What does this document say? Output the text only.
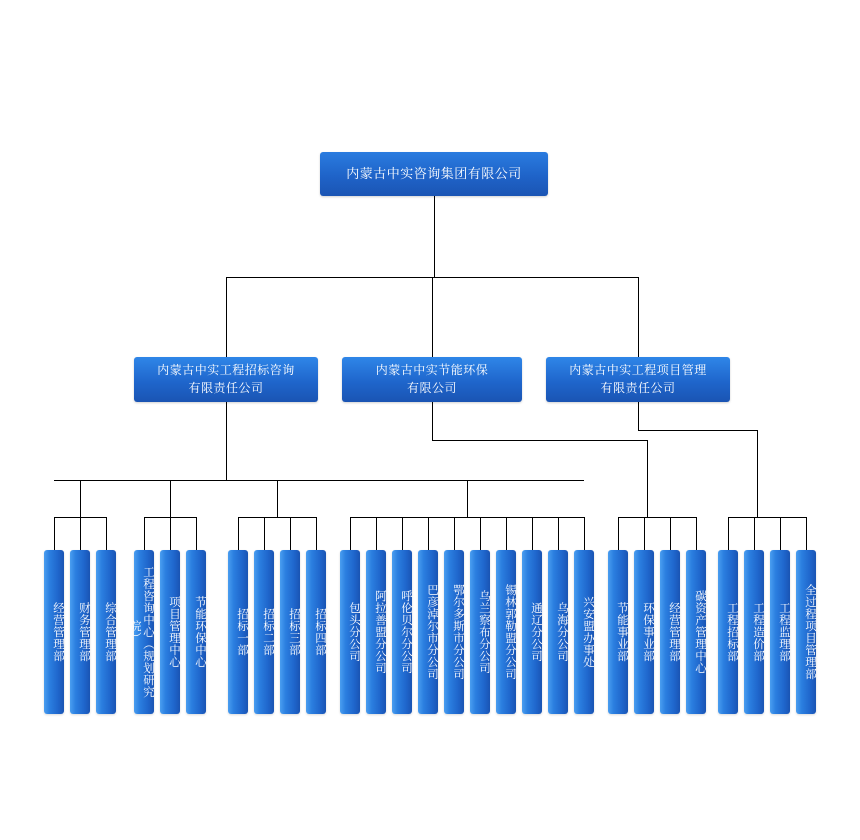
内蒙古中实咨询集团有限公司
内蒙古中实工程招标咨询
有限责任公司
内蒙古中实节能环保
有限公司
内蒙古中实工程项目管理
有限责任公司
经营管理部	财务管理部	综合管理部	工程咨询中心（规划研究院）	项目管理中心	节能环保中心	招标一部	招标二部	招标三部	招标四部	包头分公司	阿拉善盟分公司	呼伦贝尔分公司	巴彦淖尔市分公司	鄂尔多斯市分公司	乌兰察布分公司	锡林郭勒盟分公司	通辽分公司	乌海分公司	兴安盟办事处	节能事业部	环保事业部	经营管理部	碳资产管理中心	工程招标部	工程造价部	工程监理部	全过程项目管理部
